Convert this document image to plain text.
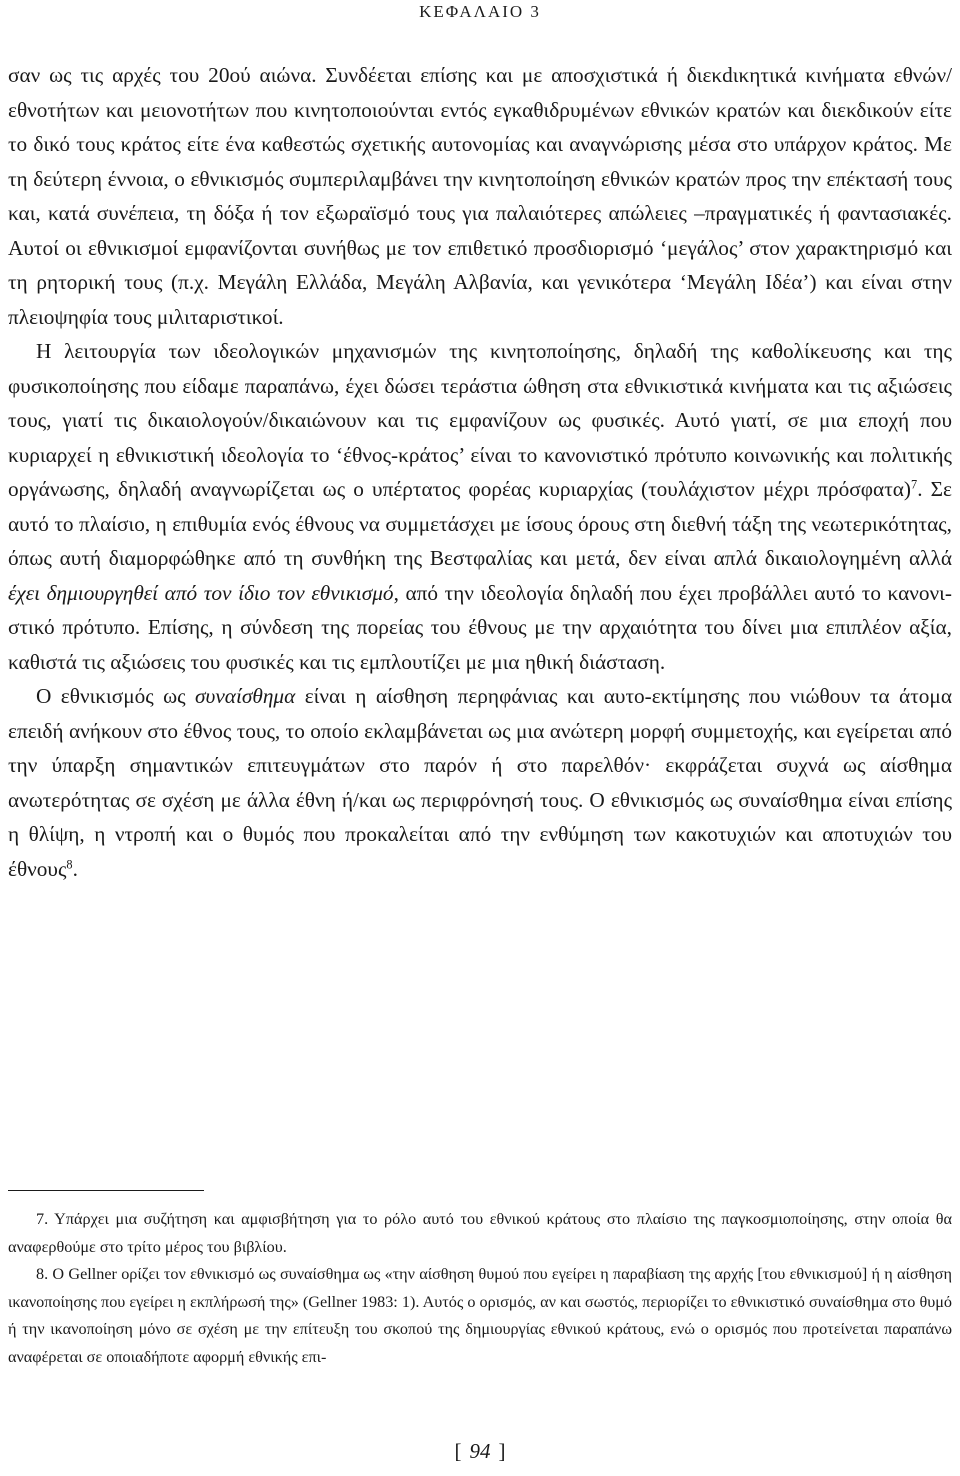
ΚΕΦΑΛΑΙΟ 3

σαν ως τις αρχές του 20ού αιώνα. Συνδέεται επίσης και με αποσχιστικά ή διεκdικητικά κινήματα εθνών/εθνοτήτων και μειονοτήτων που κινητοποιούνται εντός εγκαθιδρυμένων εθνικών κρατών και διεκδικούν είτε το δικό τους κράτος είτε ένα καθεστώς σχετικής αυτονομίας και αναγνώρισης μέσα στο υπάρχον κράτος. Με τη δεύτερη έννοια, ο εθνικισμός συμπεριλαμβάνει την κινητοποίηση εθνικών κρατών προς την επέκτασή τους και, κατά συνέπεια, τη δόξα ή τον εξωραϊσμό τους για παλαιότερες απώλειες –πραγματικές ή φαντασιακές. Αυτοί οι εθνικισμοί εμφανίζονται συνήθως με τον επιθετικό προσδιορισμό ‘μεγάλος’ στον χαρακτηρισμό και τη ρητορική τους (π.χ. Μεγάλη Ελλάδα, Μεγάλη Αλβανία, και γενικότερα ‘Μεγάλη Ιδέα’) και είναι στην πλειοψηφία τους μιλιταριστικοί.

Η λειτουργία των ιδεολογικών μηχανισμών της κινητοποίησης, δηλαδή της καθολίκευσης και της φυσικοποίησης που είδαμε παραπάνω, έχει δώσει τεράστια ώθηση στα εθνικιστικά κινήματα και τις αξιώσεις τους, γιατί τις δικαιολογούν/δικαιώνουν και τις εμφανίζουν ως φυσικές. Αυτό γιατί, σε μια εποχή που κυριαρχεί η εθνικιστική ιδεολογία το ‘έθνος-κράτος’ είναι το κανονιστικό πρότυπο κοινωνικής και πολιτικής οργάνωσης, δηλαδή αναγνωρίζεται ως ο υπέρτατος φορέας κυριαρχίας (τουλάχιστον μέχρι πρόσφατα)$^7$. Σε αυτό το πλαίσιο, η επιθυμία ενός έθνους να συμμετάσχει με ίσους όρους στη διεθνή τάξη της νεωτερικότητας, όπως αυτή διαμορφώθηκε από τη συνθήκη της Βεστφαλίας και μετά, δεν είναι απλά δικαιολογημένη αλλά έχει δημιουργηθεί από τον ίδιο τον εθνικισμό, από την ιδεολογία δηλαδή που έχει προβάλλει αυτό το κανονιστικό πρότυπο. Επίσης, η σύνδεση της πορείας του έθνους με την αρχαιότητα του δίνει μια επιπλέον αξία, καθιστά τις αξιώσεις του φυσικές και τις εμπλουτίζει με μια ηθική διάσταση.

Ο εθνικισμός ως συναίσθημα είναι η αίσθηση περηφάνιας και αυτο-εκτίμησης που νιώθουν τα άτομα επειδή ανήκουν στο έθνος τους, το οποίο εκλαμβάνεται ως μια ανώτερη μορφή συμμετοχής, και εγείρεται από την ύπαρξη σημαντικών επιτευγμάτων στο παρόν ή στο παρελθόν· εκφράζεται συχνά ως αίσθημα ανωτερότητας σε σχέση με άλλα έθνη ή/και ως περιφρόνησή τους. Ο εθνικισμός ως συναίσθημα είναι επίσης η θλίψη, η ντροπή και ο θυμός που προκαλείται από την ενθύμηση των κακοτυχιών και αποτυχιών του έθνους$^8$.

7. Υπάρχει μια συζήτηση και αμφισβήτηση για το ρόλο αυτό του εθνικού κράτους στο πλαίσιο της παγκοσμιοποίησης, στην οποία θα αναφερθούμε στο τρίτο μέρος του βιβλίου.

8. Ο Gellner ορίζει τον εθνικισμό ως συναίσθημα ως «την αίσθηση θυμού που εγείρει η παραβίαση της αρχής [του εθνικισμού] ή η αίσθηση ικανοποίησης που εγείρει η εκπλήρωσή της» (Gellner 1983: 1). Αυτός ο ορισμός, αν και σωστός, περιορίζει το εθνικιστικό συναίσθημα στο θυμό ή την ικανοποίηση μόνο σε σχέση με την επίτευξη του σκοπού της δημιουργίας εθνικού κράτους, ενώ ο ορισμός που προτείνεται παραπάνω αναφέρεται σε οποιαδήποτε αφορμή εθνικής επι-

[ 94 ]
